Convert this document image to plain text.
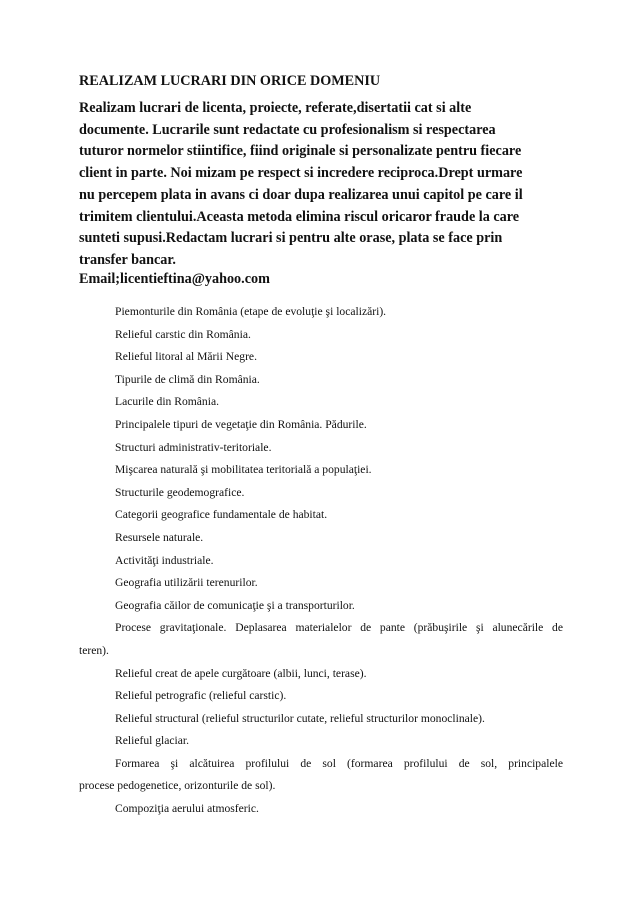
REALIZAM LUCRARI DIN ORICE DOMENIU
Realizam lucrari de licenta, proiecte, referate,disertatii cat si alte
documente. Lucrarile sunt redactate cu profesionalism si respectarea
tuturor normelor stiintifice, fiind originale si personalizate pentru fiecare
client in parte. Noi mizam pe respect si incredere reciproca.Drept urmare
nu percepem plata in avans ci doar dupa realizarea unui capitol pe care il
trimitem clientului.Aceasta metoda elimina riscul oricaror fraude la care
sunteti supusi.Redactam lucrari si pentru alte orase, plata se face prin
transfer bancar.
Email;licentieftina@yahoo.com
Piemonturile din România (etape de evoluţie şi localizări).
Relieful carstic din România.
Relieful litoral al Mării Negre.
Tipurile de climă din România.
Lacurile din România.
Principalele tipuri de vegetaţie din România. Pădurile.
Structuri administrativ-teritoriale.
Mişcarea naturală şi mobilitatea teritorială a populaţiei.
Structurile geodemografice.
Categorii geografice fundamentale de habitat.
Resursele naturale.
Activităţi industriale.
Geografia utilizării terenurilor.
Geografia căilor de comunicaţie şi a transporturilor.
Procese gravitaţionale. Deplasarea materialelor de pante (prăbuşirile şi alunecările de
teren).
Relieful creat de apele curgătoare (albii, lunci, terase).
Relieful petrografic (relieful carstic).
Relieful structural (relieful structurilor cutate, relieful structurilor monoclinale).
Relieful glaciar.
Formarea şi alcătuirea profilului de sol (formarea profilului de sol, principalele
procese pedogenetice, orizonturile de sol).
Compoziţia aerului atmosferic.
